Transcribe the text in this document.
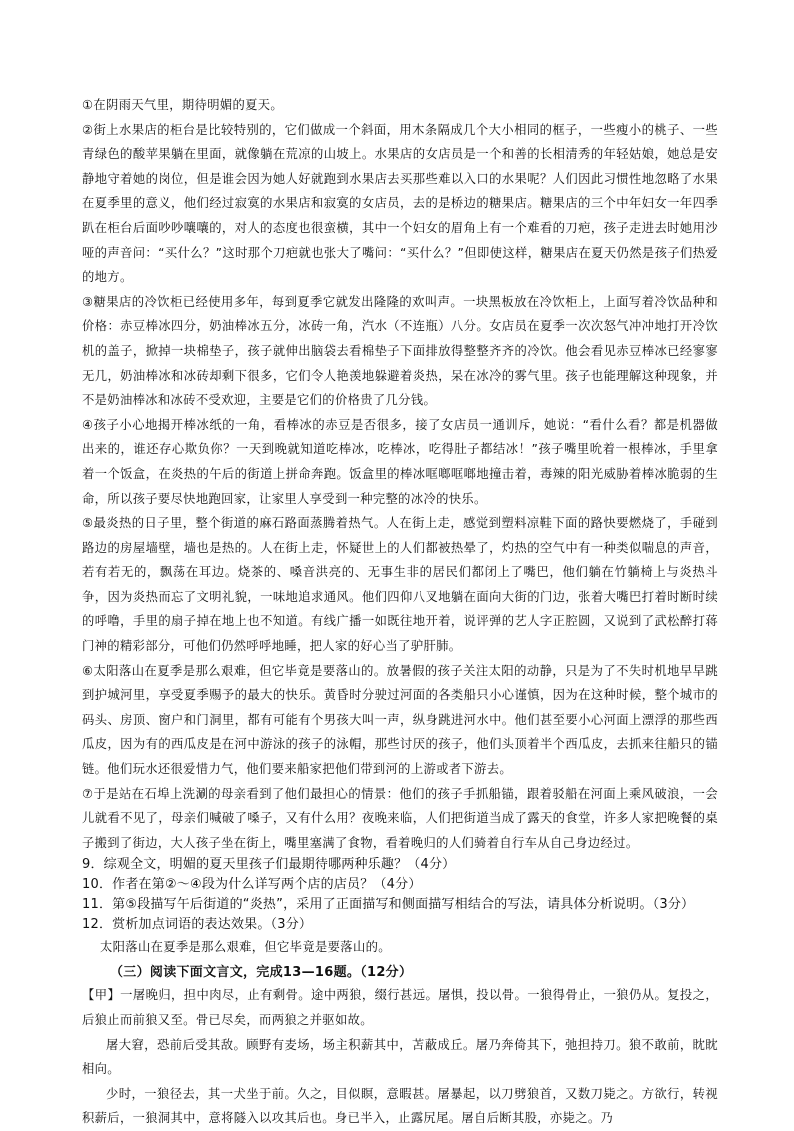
①在阴雨天气里，期待明媚的夏天。

②街上水果店的柜台是比较特别的，它们做成一个斜面，用木条隔成几个大小相同的框子，一些瘦小的桃子、一些青绿色的酸苹果躺在里面，就像躺在荒凉的山坡上。水果店的女店员是一个和善的长相清秀的年轻姑娘，她总是安静地守着她的岗位，但是谁会因为她人好就跑到水果店去买那些难以入口的水果呢？人们因此习惯性地忽略了水果在夏季里的意义，他们经过寂寞的水果店和寂寞的女店员，去的是桥边的糖果店。糖果店的三个中年妇女一年四季趴在柜台后面吵吵嚷嚷的，对人的态度也很蛮横，其中一个妇女的眉角上有一个难看的刀疤，孩子走进去时她用沙哑的声音问：“买什么？”这时那个刀疤就也张大了嘴问：“买什么？”但即使这样，糖果店在夏天仍然是孩子们热爱的地方。

③糖果店的冷饮柜已经使用多年，每到夏季它就发出隆隆的欢叫声。一块黑板放在冷饮柜上，上面写着冷饮品种和价格：赤豆棒冰四分，奶油棒冰五分，冰砖一角，汽水（不连瓶）八分。女店员在夏季一次次怒气冲冲地打开冷饮机的盖子，掀掉一块棉垫子，孩子就伸出脑袋去看棉垫子下面排放得整整齐齐的冷饮。他会看见赤豆棒冰已经寥寥无几，奶油棒冰和冰砖却剩下很多，它们令人艳羡地躲避着炎热，呆在冰冷的雾气里。孩子也能理解这种现象，并不是奶油棒冰和冰砖不受欢迎，主要是它们的价格贵了几分钱。

④孩子小心地揭开棒冰纸的一角，看棒冰的赤豆是否很多，接了女店员一通训斥，她说：“看什么看？都是机器做出来的，谁还存心欺负你？一天到晚就知道吃棒冰，吃棒冰，吃得肚子都结冰！”孩子嘴里吮着一根棒冰，手里拿着一个饭盒，在炎热的午后的街道上拼命奔跑。饭盒里的棒冰哐啷哐啷地撞击着，毒辣的阳光威胁着棒冰脆弱的生命，所以孩子要尽快地跑回家，让家里人享受到一种完整的冰冷的快乐。

⑤最炎热的日子里，整个街道的麻石路面蒸腾着热气。人在街上走，感觉到塑料凉鞋下面的路快要燃烧了，手碰到路边的房屋墙壁，墙也是热的。人在街上走，怀疑世上的人们都被热晕了，灼热的空气中有一种类似喘息的声音，若有若无的，飘荡在耳边。烧茶的、嗓音洪亮的、无事生非的居民们都闭上了嘴巴，他们躺在竹躺椅上与炎热斗争，因为炎热而忘了文明礼貌，一味地追求通风。他们四仰八叉地躺在面向大街的门边，张着大嘴巴打着时断时续的呼噜，手里的扇子掉在地上也不知道。有线广播一如既往地开着，说评弹的艺人字正腔圆，又说到了武松醉打蒋门神的精彩部分，可他们仍然呼呼地睡，把人家的好心当了驴肝肺。

⑥太阳落山在夏季是那么艰难，但它毕竟是要落山的。放暑假的孩子关注太阳的动静，只是为了不失时机地早早跳到护城河里，享受夏季赐予的最大的快乐。黄昏时分驶过河面的各类船只小心谨慎，因为在这种时候，整个城市的码头、房顶、窗户和门洞里，都有可能有个男孩大叫一声，纵身跳进河水中。他们甚至要小心河面上漂浮的那些西瓜皮，因为有的西瓜皮是在河中游泳的孩子的泳帽，那些讨厌的孩子，他们头顶着半个西瓜皮，去抓来往船只的锚链。他们玩水还很爱惜力气，他们要来船家把他们带到河的上游或者下游去。

⑦于是站在石埠上洗涮的母亲看到了他们最担心的情景：他们的孩子手抓船锚，跟着驳船在河面上乘风破浪，一会儿就看不见了，母亲们喊破了嗓子，又有什么用？夜晚来临，人们把街道当成了露天的食堂，许多人家把晚餐的桌子搬到了街边，大人孩子坐在街上，嘴里塞满了食物，看着晚归的人们骑着自行车从自己身边经过。

9．综观全文，明媚的夏天里孩子们最期待哪两种乐趣？（4分）

10．作者在第②～④段为什么详写两个店的店员？（4分）

11．第⑤段描写午后街道的“炎热”，采用了正面描写和侧面描写相结合的写法，请具体分析说明。（3分）

12．赏析加点词语的表达效果。（3分）

太阳落山在夏季是那么艰难，但它毕竟是要落山的。

（三）阅读下面文言文，完成13—16题。（12分）

【甲】一屠晚归，担中肉尽，止有剩骨。途中两狼，缀行甚远。屠惧，投以骨。一狼得骨止，一狼仍从。复投之，后狼止而前狼又至。骨已尽矣，而两狼之并驱如故。

屠大窘，恐前后受其敌。顾野有麦场，场主积薪其中，苫蔽成丘。屠乃奔倚其下，弛担持刀。狼不敢前，眈眈相向。

少时，一狼径去，其一犬坐于前。久之，目似瞑，意暇甚。屠暴起，以刀劈狼首，又数刀毙之。方欲行，转视积薪后，一狼洞其中，意将隧入以攻其后也。身已半入，止露尻尾。屠自后断其股，亦毙之。乃
